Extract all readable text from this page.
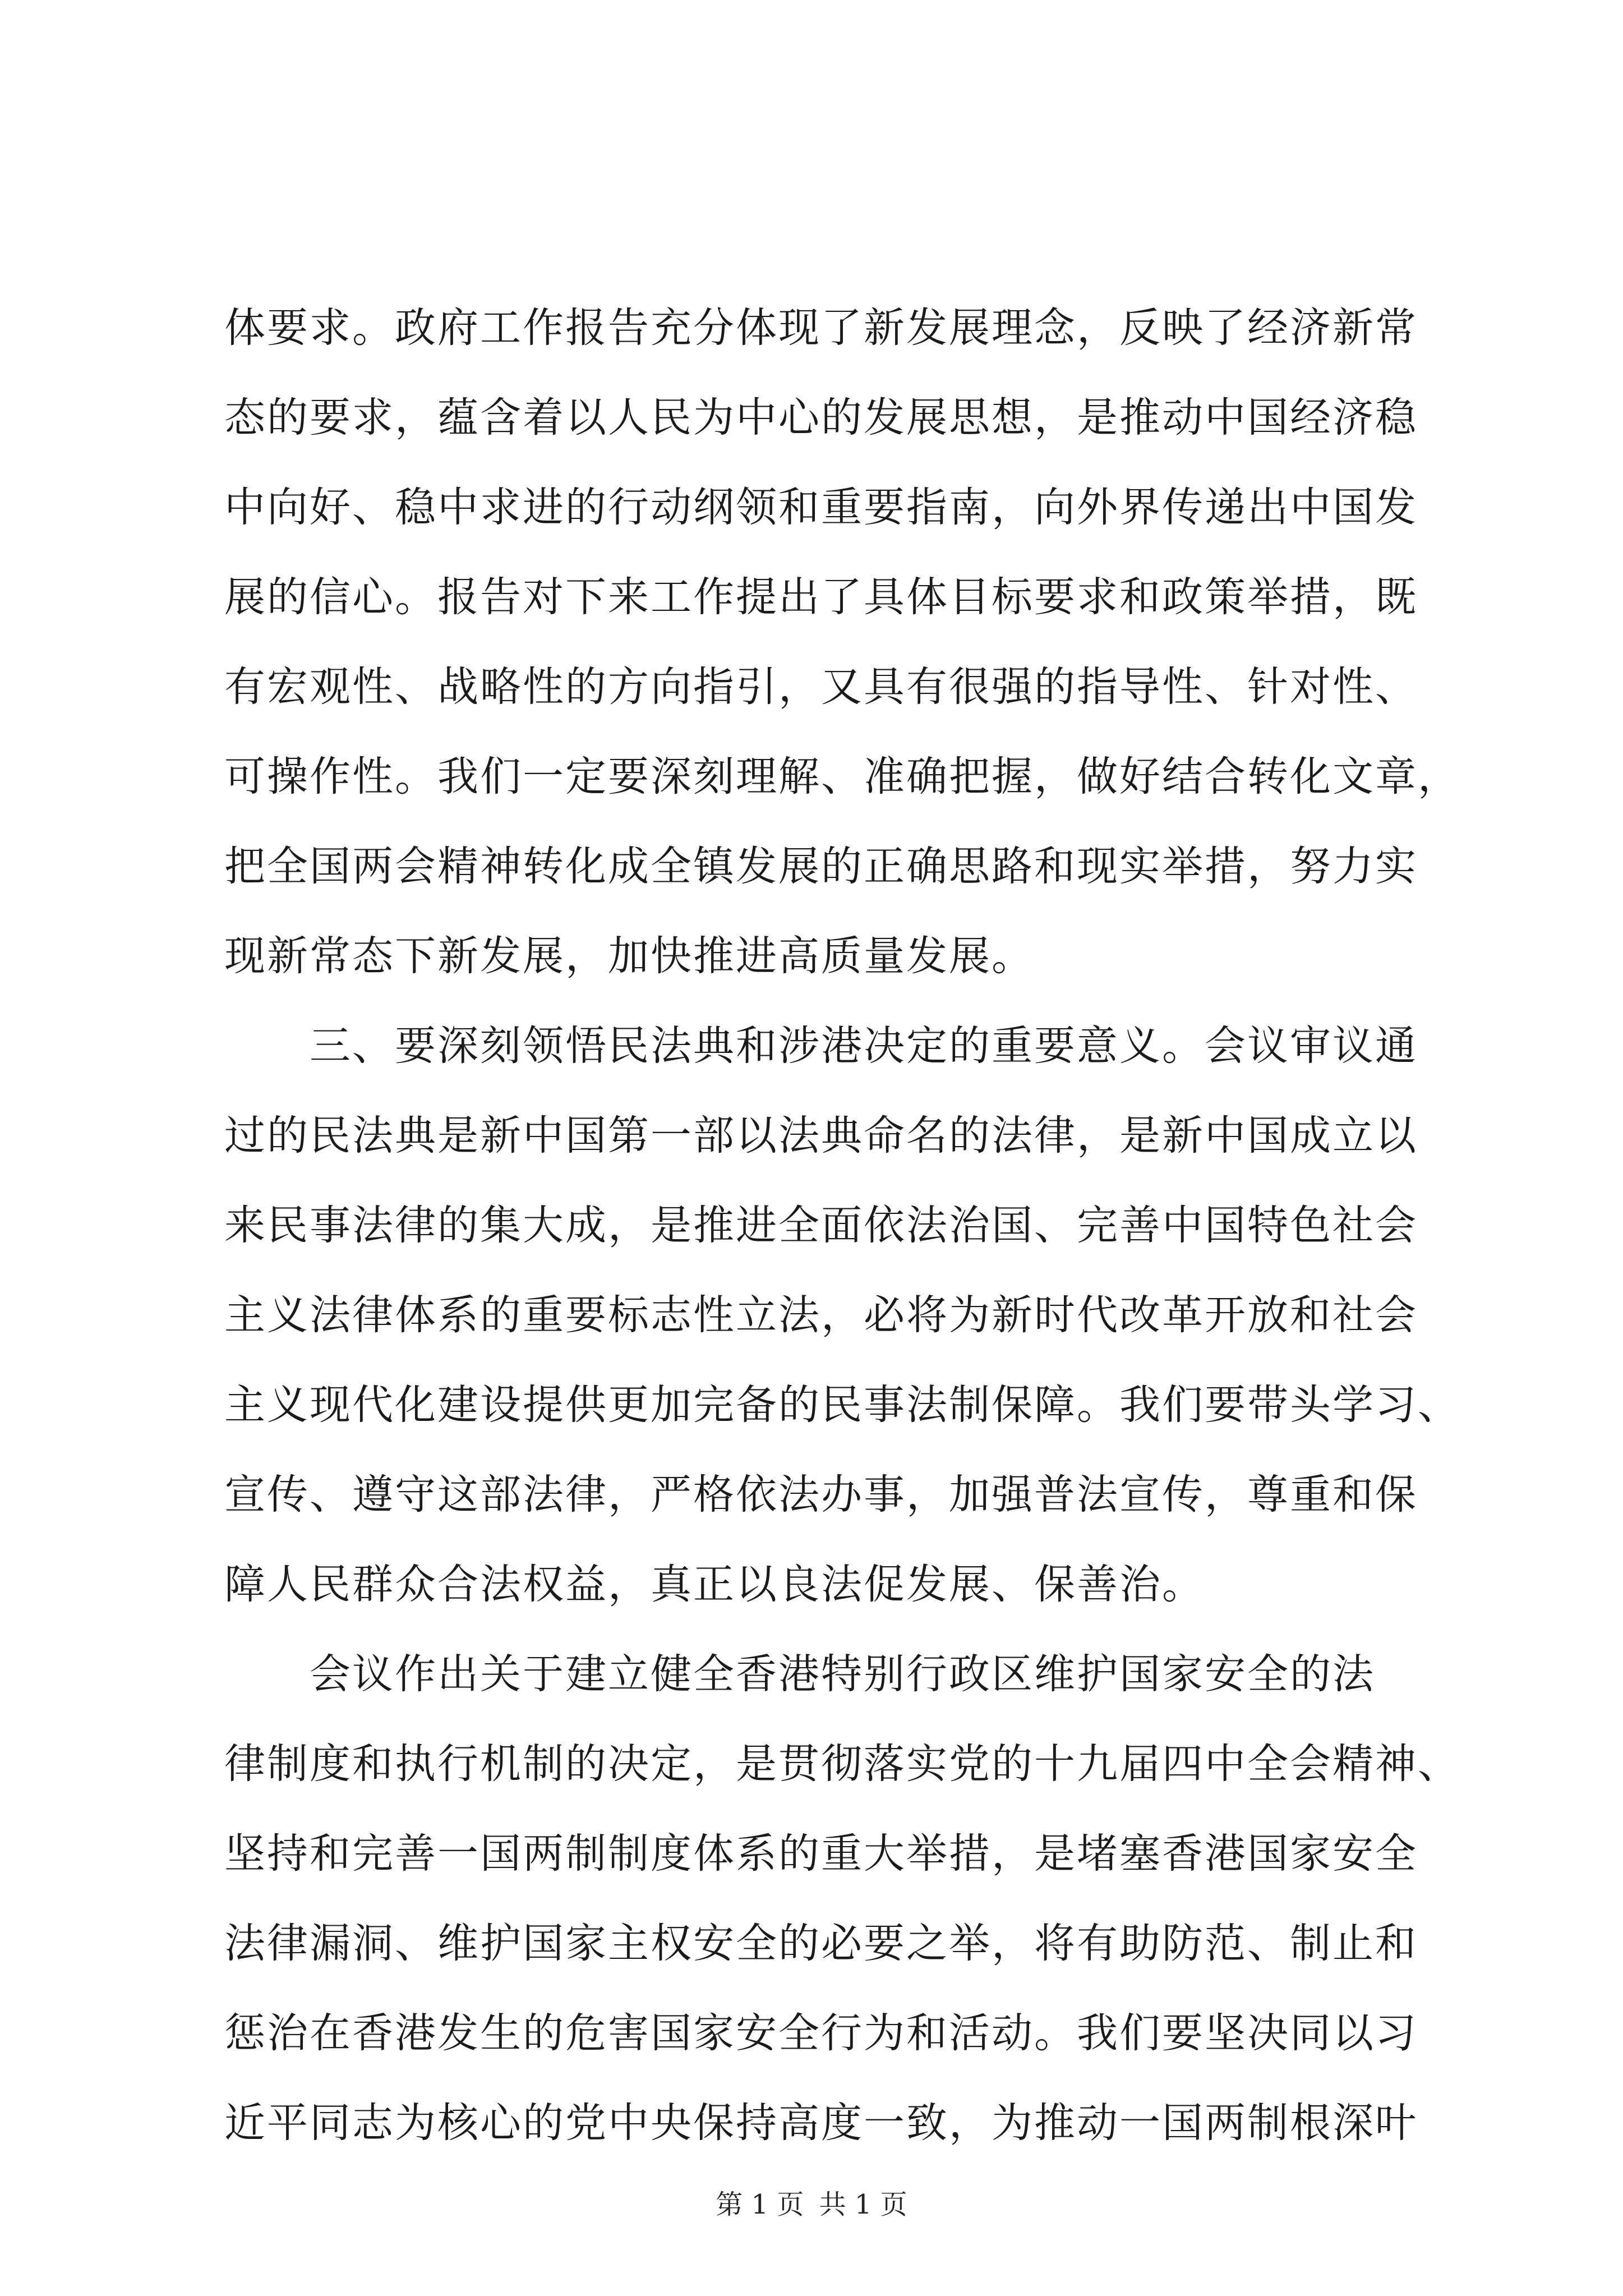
体要求。政府工作报告充分体现了新发展理念，反映了经济新常
态的要求，蕴含着以人民为中心的发展思想，是推动中国经济稳
中向好、稳中求进的行动纲领和重要指南，向外界传递出中国发
展的信心。报告对下来工作提出了具体目标要求和政策举措，既
有宏观性、战略性的方向指引，又具有很强的指导性、针对性、
可操作性。我们一定要深刻理解、准确把握，做好结合转化文章，
把全国两会精神转化成全镇发展的正确思路和现实举措，努力实
现新常态下新发展，加快推进高质量发展。
　　三、要深刻领悟民法典和涉港决定的重要意义。会议审议通
过的民法典是新中国第一部以法典命名的法律，是新中国成立以
来民事法律的集大成，是推进全面依法治国、完善中国特色社会
主义法律体系的重要标志性立法，必将为新时代改革开放和社会
主义现代化建设提供更加完备的民事法制保障。我们要带头学习、
宣传、遵守这部法律，严格依法办事，加强普法宣传，尊重和保
障人民群众合法权益，真正以良法促发展、保善治。
　　会议作出关于建立健全香港特别行政区维护国家安全的法
律制度和执行机制的决定，是贯彻落实党的十九届四中全会精神、
坚持和完善一国两制制度体系的重大举措，是堵塞香港国家安全
法律漏洞、维护国家主权安全的必要之举，将有助防范、制止和
惩治在香港发生的危害国家安全行为和活动。我们要坚决同以习
近平同志为核心的党中央保持高度一致，为推动一国两制根深叶
第 1 页 共 1 页
